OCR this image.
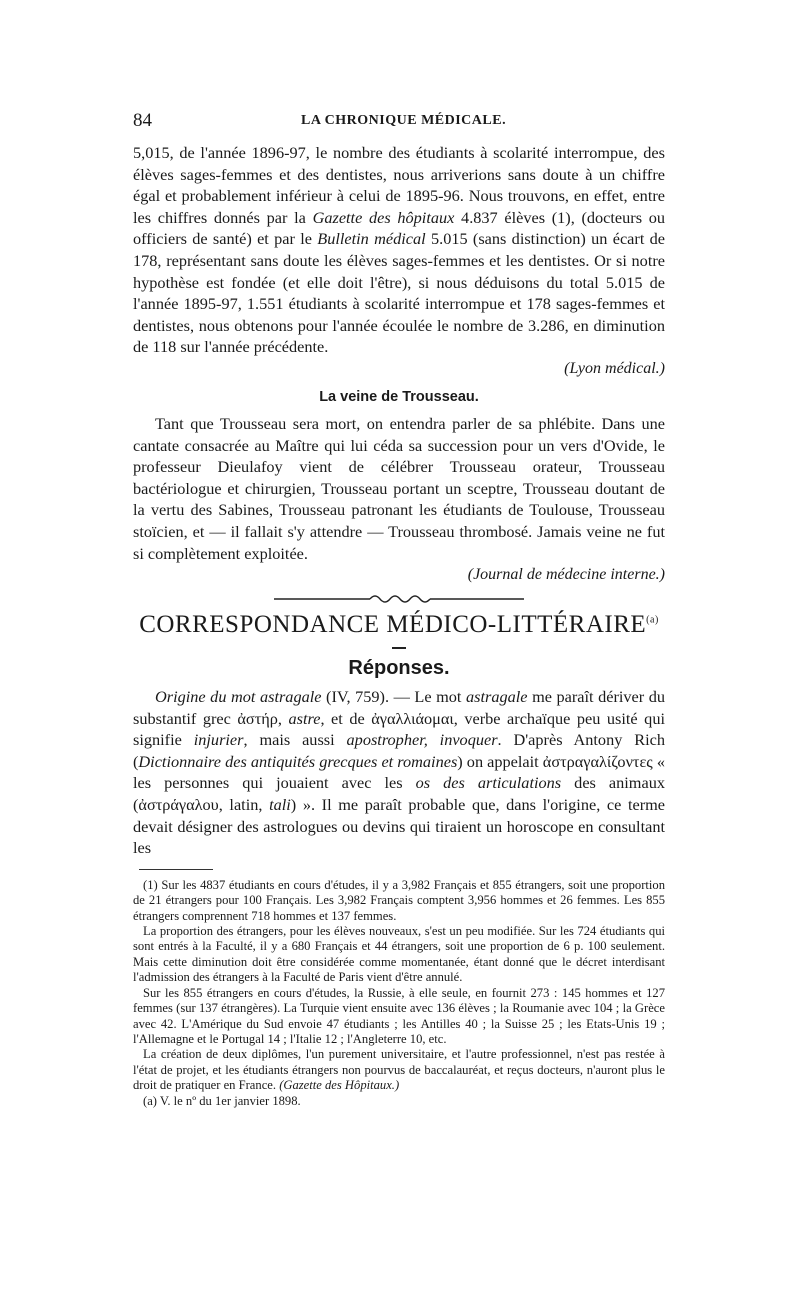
84	LA CHRONIQUE MÉDICALE.

5,015, de l'année 1896-97, le nombre des étudiants à scolarité interrompue, des élèves sages-femmes et des dentistes, nous arriverions sans doute à un chiffre égal et probablement inférieur à celui de 1895-96. Nous trouvons, en effet, entre les chiffres donnés par la Gazette des hôpitaux 4.837 élèves (1), (docteurs ou officiers de santé) et par le Bulletin médical 5.015 (sans distinction) un écart de 178, représentant sans doute les élèves sages-femmes et les dentistes. Or si notre hypothèse est fondée (et elle doit l'être), si nous déduisons du total 5.015 de l'année 1895-97, 1.551 étudiants à scolarité interrompue et 178 sages-femmes et dentistes, nous obtenons pour l'année écoulée le nombre de 3.286, en diminution de 118 sur l'année précédente.

(Lyon médical.)

La veine de Trousseau.

Tant que Trousseau sera mort, on entendra parler de sa phlébite. Dans une cantate consacrée au Maître qui lui céda sa succession pour un vers d'Ovide, le professeur Dieulafoy vient de célébrer Trousseau orateur, Trousseau bactériologue et chirurgien, Trousseau portant un sceptre, Trousseau doutant de la vertu des Sabines, Trousseau patronant les étudiants de Toulouse, Trousseau stoïcien, et — il fallait s'y attendre — Trousseau thrombosé. Jamais veine ne fut si complètement exploitée.

(Journal de médecine interne.)

CORRESPONDANCE MÉDICO-LITTÉRAIRE$^{(a)}$
Réponses.

Origine du mot astragale (IV, 759). — Le mot astragale me paraît dériver du substantif grec ἀστήρ, astre, et de ἀγαλλιάομαι, verbe archaïque peu usité qui signifie injurier, mais aussi apostropher, invoquer. D'après Antony Rich (Dictionnaire des antiquités grecques et romaines) on appelait ἀστραγαλίζοντες « les personnes qui jouaient avec les os des articulations des animaux (ἀστράγαλου, latin, tali) ». Il me paraît probable que, dans l'origine, ce terme devait désigner des astrologues ou devins qui tiraient un horoscope en consultant les

(1) Sur les 4837 étudiants en cours d'études, il y a 3,982 Français et 855 étrangers, soit une proportion de 21 étrangers pour 100 Français. Les 3,982 Français comptent 3,956 hommes et 26 femmes. Les 855 étrangers comprennent 718 hommes et 137 femmes.

La proportion des étrangers, pour les élèves nouveaux, s'est un peu modifiée. Sur les 724 étudiants qui sont entrés à la Faculté, il y a 680 Français et 44 étrangers, soit une proportion de 6 p. 100 seulement. Mais cette diminution doit être considérée comme momentanée, étant donné que le décret interdisant l'admission des étrangers à la Faculté de Paris vient d'être annulé.

Sur les 855 étrangers en cours d'études, la Russie, à elle seule, en fournit 273 : 145 hommes et 127 femmes (sur 137 étrangères). La Turquie vient ensuite avec 136 élèves ; la Roumanie avec 104 ; la Grèce avec 42. L'Amérique du Sud envoie 47 étudiants ; les Antilles 40 ; la Suisse 25 ; les Etats-Unis 19 ; l'Allemagne et le Portugal 14 ; l'Italie 12 ; l'Angleterre 10, etc.

La création de deux diplômes, l'un purement universitaire, et l'autre professionnel, n'est pas restée à l'état de projet, et les étudiants étrangers non pourvus de baccalauréat, et reçus docteurs, n'auront plus le droit de pratiquer en France. (Gazette des Hôpitaux.)

(a) V. le nº du 1er janvier 1898.
